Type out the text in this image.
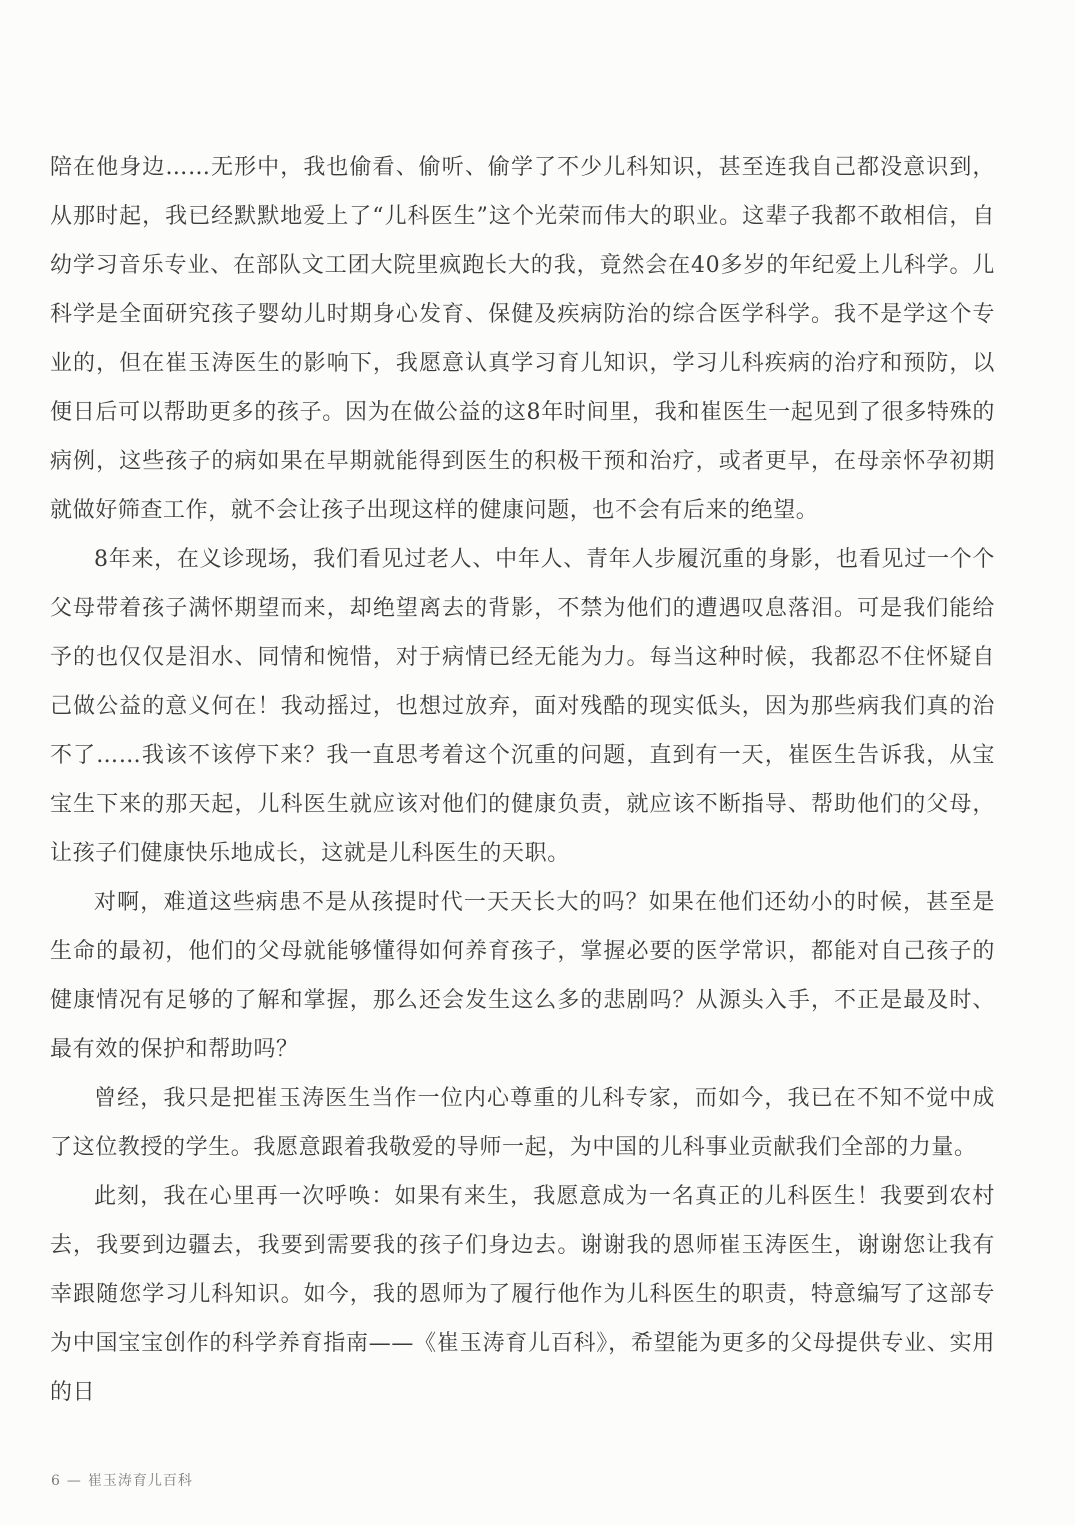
陪在他身边……无形中，我也偷看、偷听、偷学了不少儿科知识，甚至连我自己都没意识到，从那时起，我已经默默地爱上了“儿科医生”这个光荣而伟大的职业。这辈子我都不敢相信，自幼学习音乐专业、在部队文工团大院里疯跑长大的我，竟然会在40多岁的年纪爱上儿科学。儿科学是全面研究孩子婴幼儿时期身心发育、保健及疾病防治的综合医学科学。我不是学这个专业的，但在崔玉涛医生的影响下，我愿意认真学习育儿知识，学习儿科疾病的治疗和预防，以便日后可以帮助更多的孩子。因为在做公益的这8年时间里，我和崔医生一起见到了很多特殊的病例，这些孩子的病如果在早期就能得到医生的积极干预和治疗，或者更早，在母亲怀孕初期就做好筛查工作，就不会让孩子出现这样的健康问题，也不会有后来的绝望。

8年来，在义诊现场，我们看见过老人、中年人、青年人步履沉重的身影，也看见过一个个父母带着孩子满怀期望而来，却绝望离去的背影，不禁为他们的遭遇叹息落泪。可是我们能给予的也仅仅是泪水、同情和惋惜，对于病情已经无能为力。每当这种时候，我都忍不住怀疑自己做公益的意义何在！我动摇过，也想过放弃，面对残酷的现实低头，因为那些病我们真的治不了……我该不该停下来？我一直思考着这个沉重的问题，直到有一天，崔医生告诉我，从宝宝生下来的那天起，儿科医生就应该对他们的健康负责，就应该不断指导、帮助他们的父母，让孩子们健康快乐地成长，这就是儿科医生的天职。

对啊，难道这些病患不是从孩提时代一天天长大的吗？如果在他们还幼小的时候，甚至是生命的最初，他们的父母就能够懂得如何养育孩子，掌握必要的医学常识，都能对自己孩子的健康情况有足够的了解和掌握，那么还会发生这么多的悲剧吗？从源头入手，不正是最及时、最有效的保护和帮助吗？

曾经，我只是把崔玉涛医生当作一位内心尊重的儿科专家，而如今，我已在不知不觉中成了这位教授的学生。我愿意跟着我敬爱的导师一起，为中国的儿科事业贡献我们全部的力量。

此刻，我在心里再一次呼唤：如果有来生，我愿意成为一名真正的儿科医生！我要到农村去，我要到边疆去，我要到需要我的孩子们身边去。谢谢我的恩师崔玉涛医生，谢谢您让我有幸跟随您学习儿科知识。如今，我的恩师为了履行他作为儿科医生的职责，特意编写了这部专为中国宝宝创作的科学养育指南——《崔玉涛育儿百科》，希望能为更多的父母提供专业、实用的日

6 — 崔玉涛育儿百科
